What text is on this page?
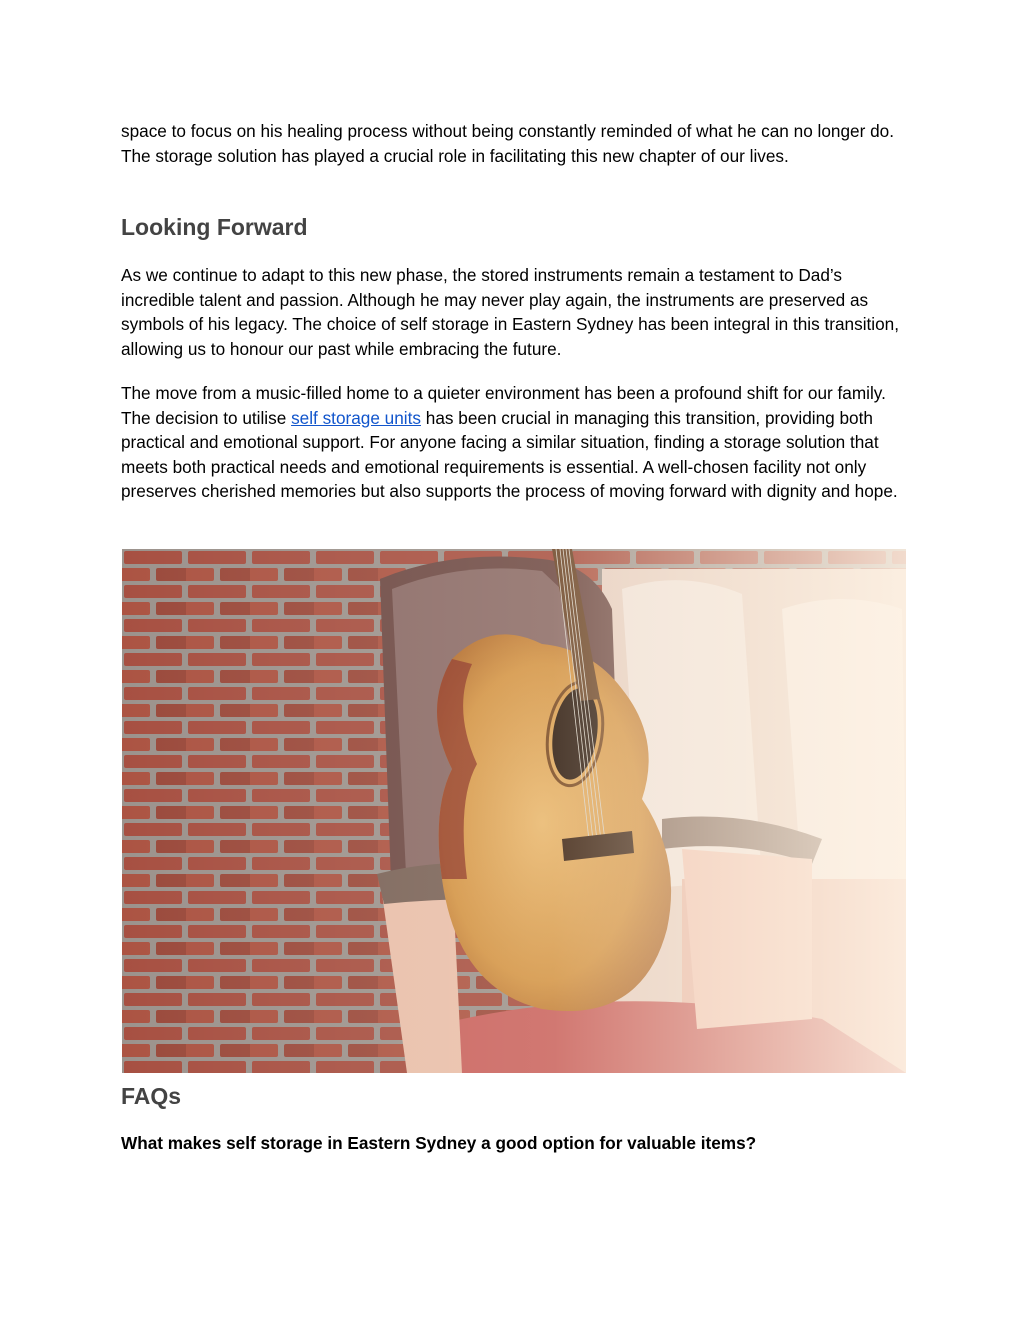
space to focus on his healing process without being constantly reminded of what he can no longer do. The storage solution has played a crucial role in facilitating this new chapter of our lives.

Looking Forward

As we continue to adapt to this new phase, the stored instruments remain a testament to Dad’s incredible talent and passion. Although he may never play again, the instruments are preserved as symbols of his legacy. The choice of self storage in Eastern Sydney has been integral in this transition, allowing us to honour our past while embracing the future.

The move from a music-filled home to a quieter environment has been a profound shift for our family. The decision to utilise self storage units has been crucial in managing this transition, providing both practical and emotional support. For anyone facing a similar situation, finding a storage solution that meets both practical needs and emotional requirements is essential. A well-chosen facility not only preserves cherished memories but also supports the process of moving forward with dignity and hope.

FAQs

What makes self storage in Eastern Sydney a good option for valuable items?
